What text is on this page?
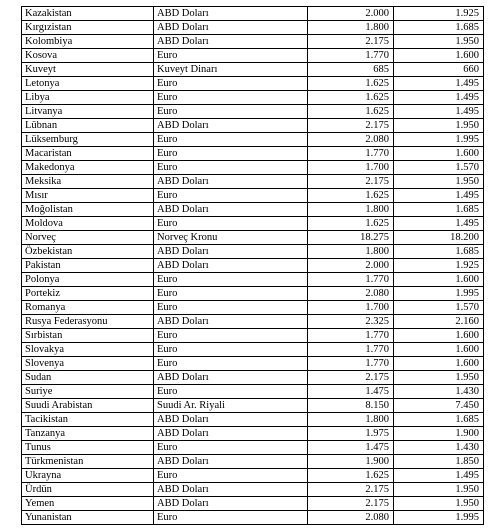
Kazakistan	ABD Doları	2.000	1.925
Kırgızistan	ABD Doları	1.800	1.685
Kolombiya	ABD Doları	2.175	1.950
Kosova	Euro	1.770	1.600
Kuveyt	Kuveyt Dinarı	685	660
Letonya	Euro	1.625	1.495
Libya	Euro	1.625	1.495
Litvanya	Euro	1.625	1.495
Lübnan	ABD Doları	2.175	1.950
Lüksemburg	Euro	2.080	1.995
Macaristan	Euro	1.770	1.600
Makedonya	Euro	1.700	1.570
Meksika	ABD Doları	2.175	1.950
Mısır	Euro	1.625	1.495
Moğolistan	ABD Doları	1.800	1.685
Moldova	Euro	1.625	1.495
Norveç	Norveç Kronu	18.275	18.200
Özbekistan	ABD Doları	1.800	1.685
Pakistan	ABD Doları	2.000	1.925
Polonya	Euro	1.770	1.600
Portekiz	Euro	2.080	1.995
Romanya	Euro	1.700	1.570
Rusya Federasyonu	ABD Doları	2.325	2.160
Sırbistan	Euro	1.770	1.600
Slovakya	Euro	1.770	1.600
Slovenya	Euro	1.770	1.600
Sudan	ABD Doları	2.175	1.950
Suriye	Euro	1.475	1.430
Suudi Arabistan	Suudi Ar. Riyali	8.150	7.450
Tacikistan	ABD Doları	1.800	1.685
Tanzanya	ABD Doları	1.975	1.900
Tunus	Euro	1.475	1.430
Türkmenistan	ABD Doları	1.900	1.850
Ukrayna	Euro	1.625	1.495
Ürdün	ABD Doları	2.175	1.950
Yemen	ABD Doları	2.175	1.950
Yunanistan	Euro	2.080	1.995
